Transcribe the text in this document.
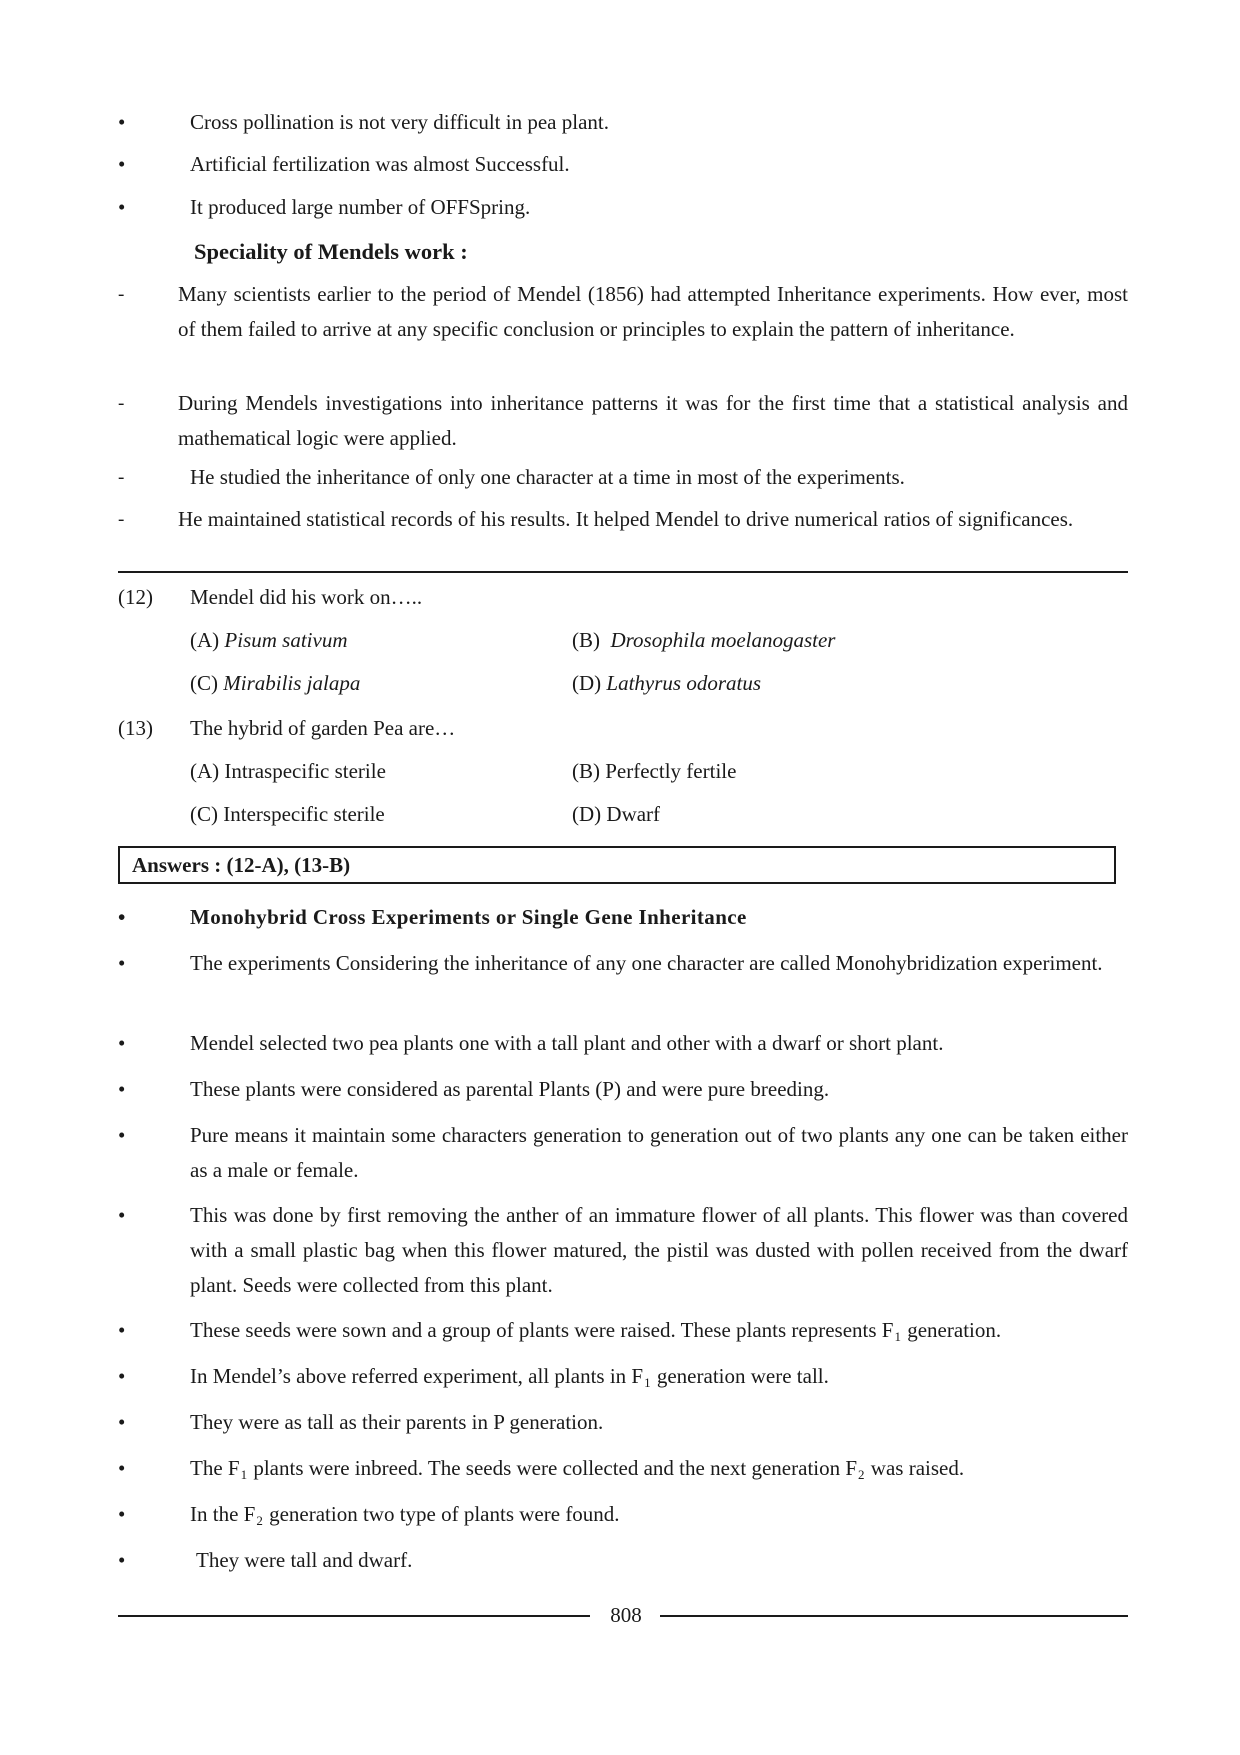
•	Cross pollination is not very difficult in pea plant.
•	Artificial fertilization was almost Successful.
•	It produced large number of OFFSpring.
Speciality of Mendels work :
-	Many scientists earlier to the period of Mendel (1856) had attempted Inheritance experiments. How ever, most of them failed to arrive at any specific conclusion or principles to explain the pattern of inheritance.
-	During Mendels investigations into inheritance patterns it was for the first time that a statistical analysis and mathematical logic were applied.
-	He studied the inheritance of only one character at a time in most of the experiments.
-	He maintained statistical records of his results. It helped Mendel to drive numerical ratios of significances.
(12) Mendel did his work on…..
(A) Pisum sativum	(B) Drosophila moelanogaster
(C) Mirabilis jalapa	(D) Lathyrus odoratus
(13) The hybrid of garden Pea are…
(A) Intraspecific sterile	(B) Perfectly fertile
(C) Interspecific sterile	(D) Dwarf
Answers : (12-A), (13-B)
•	Monohybrid Cross Experiments or Single Gene Inheritance
•	The experiments Considering the inheritance of any one character are called Monohybridization experiment.
•	Mendel selected two pea plants one with a tall plant and other with a dwarf or short plant.
•	These plants were considered as parental Plants (P) and were pure breeding.
•	Pure means it maintain some characters generation to generation out of two plants any one can be taken either as a male or female.
•	This was done by first removing the anther of an immature flower of all plants. This flower was than covered with a small plastic bag when this flower matured, the pistil was dusted with pollen received from the dwarf plant. Seeds were collected from this plant.
•	These seeds were sown and a group of plants were raised. These plants represents $F_1$ generation.
•	In Mendel’s above referred experiment, all plants in $F_1$ generation were tall.
•	They were as tall as their parents in P generation.
•	The $F_1$ plants were inbreed. The seeds were collected and the next generation $F_2$ was raised.
•	In the $F_2$ generation two type of plants were found.
•	They were tall and dwarf.
808
